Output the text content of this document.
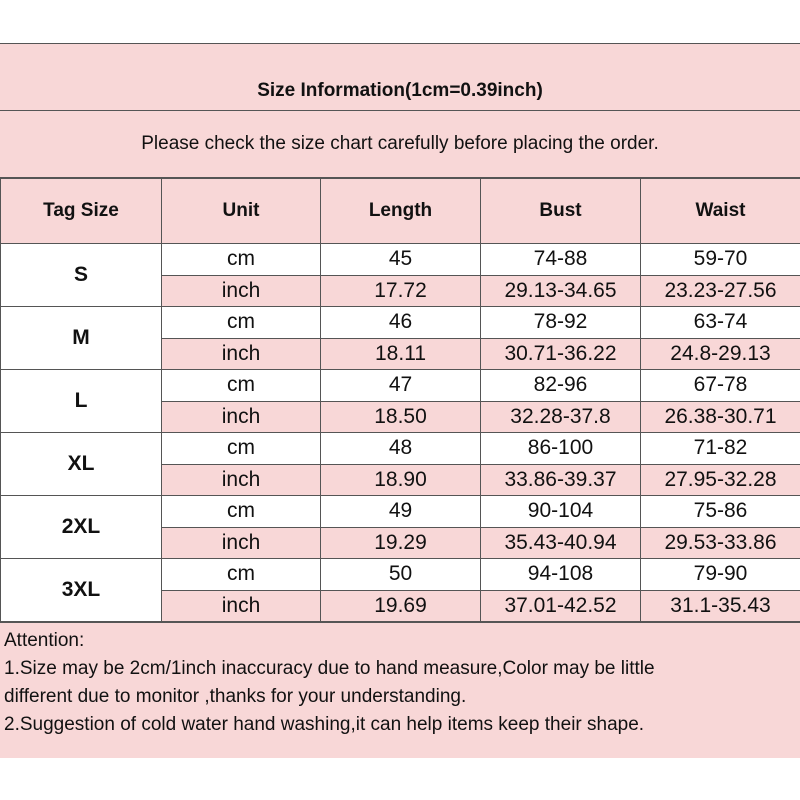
Size Information(1cm=0.39inch)
Please check the size chart carefully before placing the order.
Tag Size	Unit	Length	Bust	Waist
S	cm	45	74-88	59-70
	inch	17.72	29.13-34.65	23.23-27.56
M	cm	46	78-92	63-74
	inch	18.11	30.71-36.22	24.8-29.13
L	cm	47	82-96	67-78
	inch	18.50	32.28-37.8	26.38-30.71
XL	cm	48	86-100	71-82
	inch	18.90	33.86-39.37	27.95-32.28
2XL	cm	49	90-104	75-86
	inch	19.29	35.43-40.94	29.53-33.86
3XL	cm	50	94-108	79-90
	inch	19.69	37.01-42.52	31.1-35.43
Attention:
1.Size may be 2cm/1inch inaccuracy due to hand measure,Color may be little
different due to monitor ,thanks for your understanding.
2.Suggestion of cold water hand washing,it can help items keep their shape.
